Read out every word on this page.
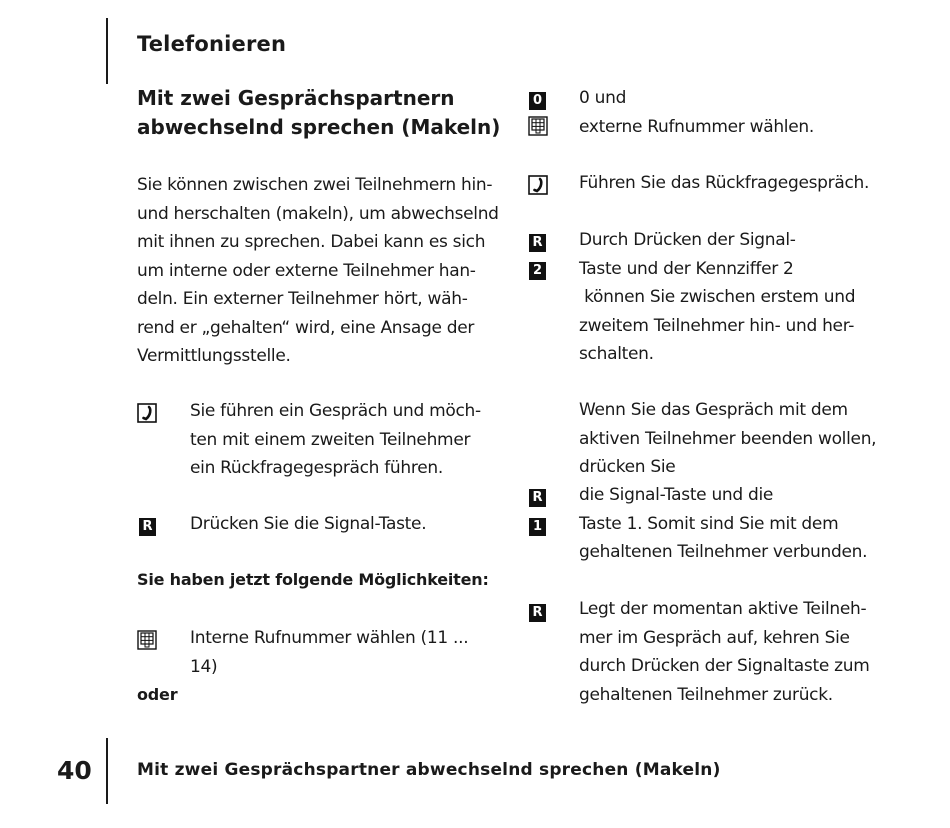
Telefonieren
Mit zwei Gesprächspartnern
abwechselnd sprechen (Makeln)
Sie können zwischen zwei Teilnehmern hin-
und herschalten (makeln), um abwechselnd
mit ihnen zu sprechen. Dabei kann es sich
um interne oder externe Teilnehmer han-
deln. Ein externer Teilnehmer hört, wäh-
rend er „gehalten“ wird, eine Ansage der
Vermittlungsstelle.
Sie führen ein Gespräch und möch-
ten mit einem zweiten Teilnehmer
ein Rückfragegespräch führen.
R Drücken Sie die Signal-Taste.
Sie haben jetzt folgende Möglichkeiten:
Interne Rufnummer wählen (11 ...
14)
oder
0 0 und
externe Rufnummer wählen.
Führen Sie das Rückfragegespräch.
R
2
Durch Drücken der Signal-
Taste und der Kennziffer 2
können Sie zwischen erstem und
zweitem Teilnehmer hin- und her-
schalten.
Wenn Sie das Gespräch mit dem
aktiven Teilnehmer beenden wollen,
drücken Sie
R
1
die Signal-Taste und die
Taste 1. Somit sind Sie mit dem
gehaltenen Teilnehmer verbunden.
R Legt der momentan aktive Teilneh-
mer im Gespräch auf, kehren Sie
durch Drücken der Signaltaste zum
gehaltenen Teilnehmer zurück.
40	Mit zwei Gesprächspartner abwechselnd sprechen (Makeln)
